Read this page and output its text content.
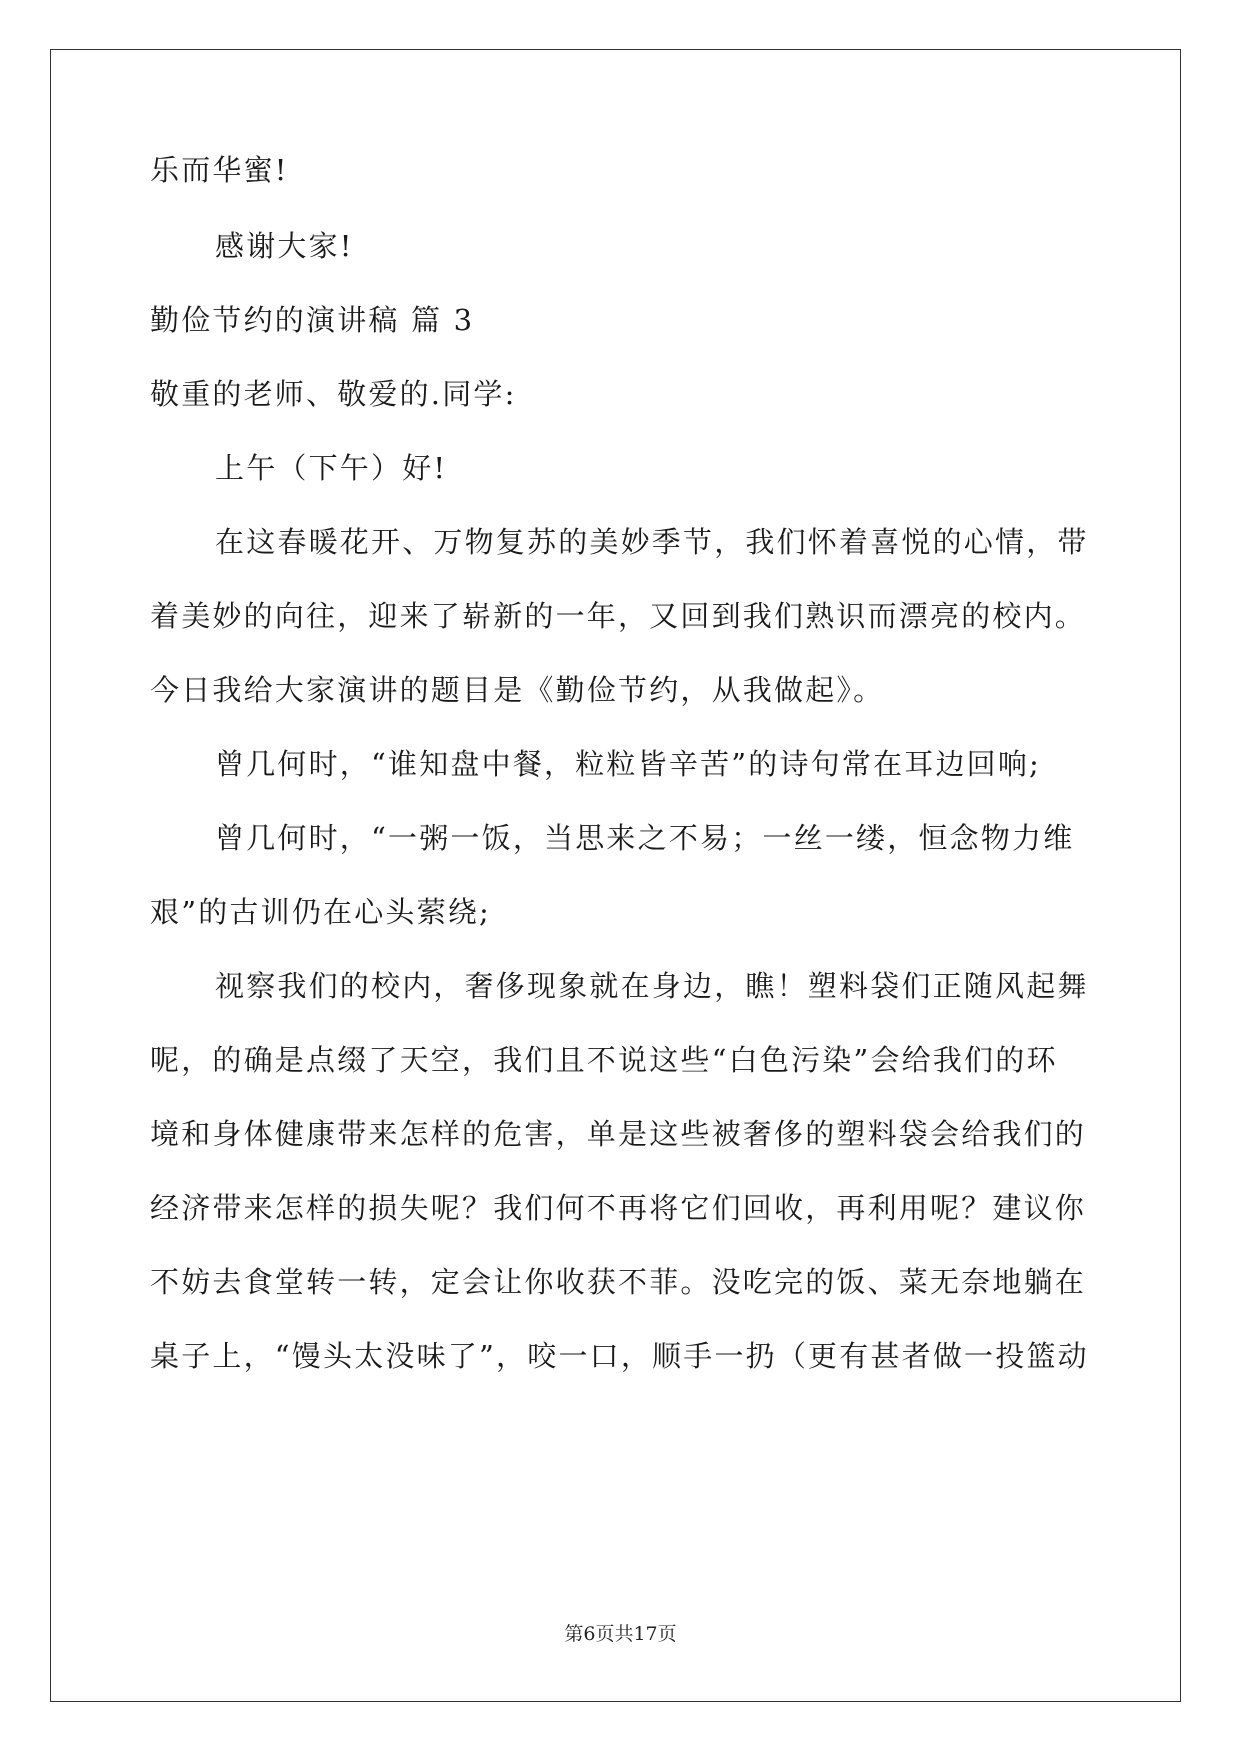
乐而华蜜!
感谢大家!
勤俭节约的演讲稿 篇 3
敬重的老师、敬爱的.同学:
上午（下午）好!
在这春暖花开、万物复苏的美妙季节，我们怀着喜悦的心情，带
着美妙的向往，迎来了崭新的一年，又回到我们熟识而漂亮的校内。
今日我给大家演讲的题目是《勤俭节约，从我做起》。
曾几何时，“谁知盘中餐，粒粒皆辛苦”的诗句常在耳边回响;
曾几何时，“一粥一饭，当思来之不易；一丝一缕，恒念物力维
艰”的古训仍在心头萦绕;
视察我们的校内，奢侈现象就在身边，瞧！塑料袋们正随风起舞
呢，的确是点缀了天空，我们且不说这些“白色污染”会给我们的环
境和身体健康带来怎样的危害，单是这些被奢侈的塑料袋会给我们的
经济带来怎样的损失呢？我们何不再将它们回收，再利用呢？建议你
不妨去食堂转一转，定会让你收获不菲。没吃完的饭、菜无奈地躺在
桌子上，“馒头太没味了”，咬一口，顺手一扔（更有甚者做一投篮动
第6页共17页
